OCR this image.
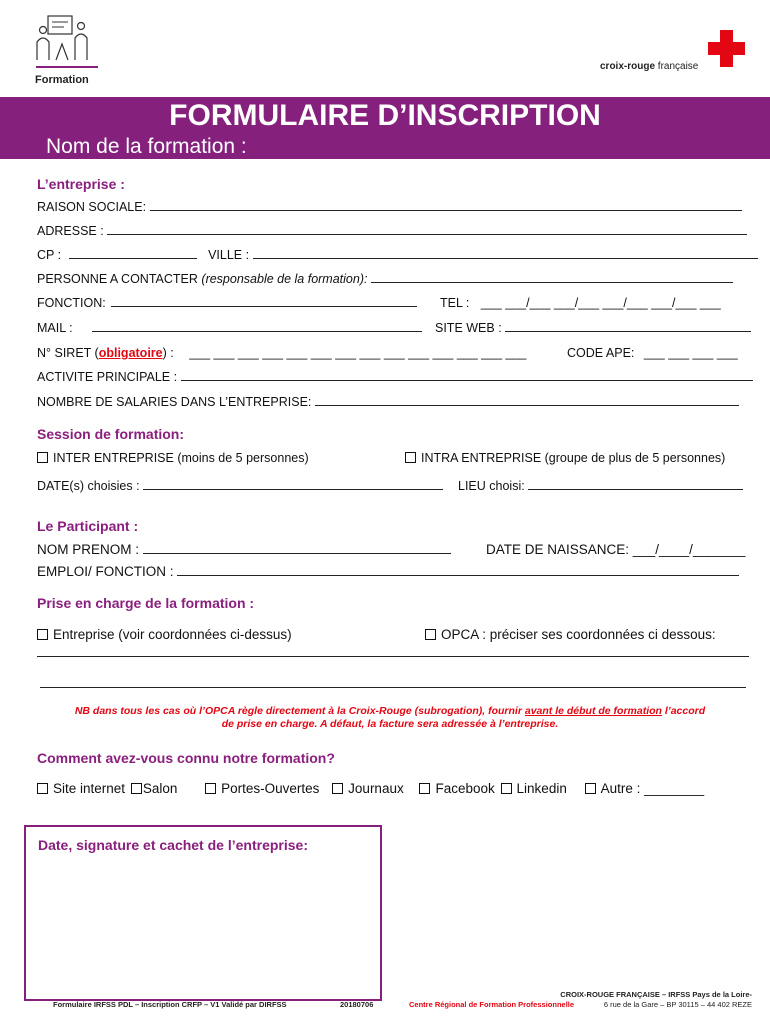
Formation
croix-rouge française
FORMULAIRE D’INSCRIPTION
Nom de la formation :
L’entreprise :
RAISON SOCIALE:
ADRESSE :
CP :	VILLE :
PERSONNE A CONTACTER (responsable de la formation):
FONCTION:	TEL : ___ ___/___ ___/___ ___/___ ___/___ ___
MAIL :	SITE WEB :
N° SIRET (obligatoire) : ___ ___ ___ ___ ___ ___ ___ ___ ___ ___ ___ ___ ___ ___	CODE APE: ___ ___ ___ ___
ACTIVITE PRINCIPALE :
NOMBRE DE SALARIES DANS L’ENTREPRISE:
Session de formation:
INTER ENTREPRISE (moins de 5 personnes)	INTRA ENTREPRISE (groupe de plus de 5 personnes)
DATE(s) choisies :	LIEU choisi:
Le Participant :
NOM PRENOM :	DATE DE NAISSANCE: ___/____/_______
EMPLOI/ FONCTION :
Prise en charge de la formation :
Entreprise (voir coordonnées ci-dessus)	OPCA : préciser ses coordonnées ci dessous:
NB dans tous les cas où l’OPCA règle directement à la Croix-Rouge (subrogation), fournir avant le début de formation l’accord
de prise en charge. A défaut, la facture sera adressée à l’entreprise.
Comment avez-vous connu notre formation?
Site internet Salon	Portes-Ouvertes Journaux Facebook Linkedin	Autre : ________
Date, signature et cachet de l’entreprise:
Formulaire IRFSS PDL – Inscription CRFP – V1 Validé par DIRFSS	20180706	Centre Régional de Formation Professionnelle
CROIX-ROUGE FRANÇAISE – IRFSS Pays de la Loire-
6 rue de la Gare – BP 30115 – 44 402 REZE
